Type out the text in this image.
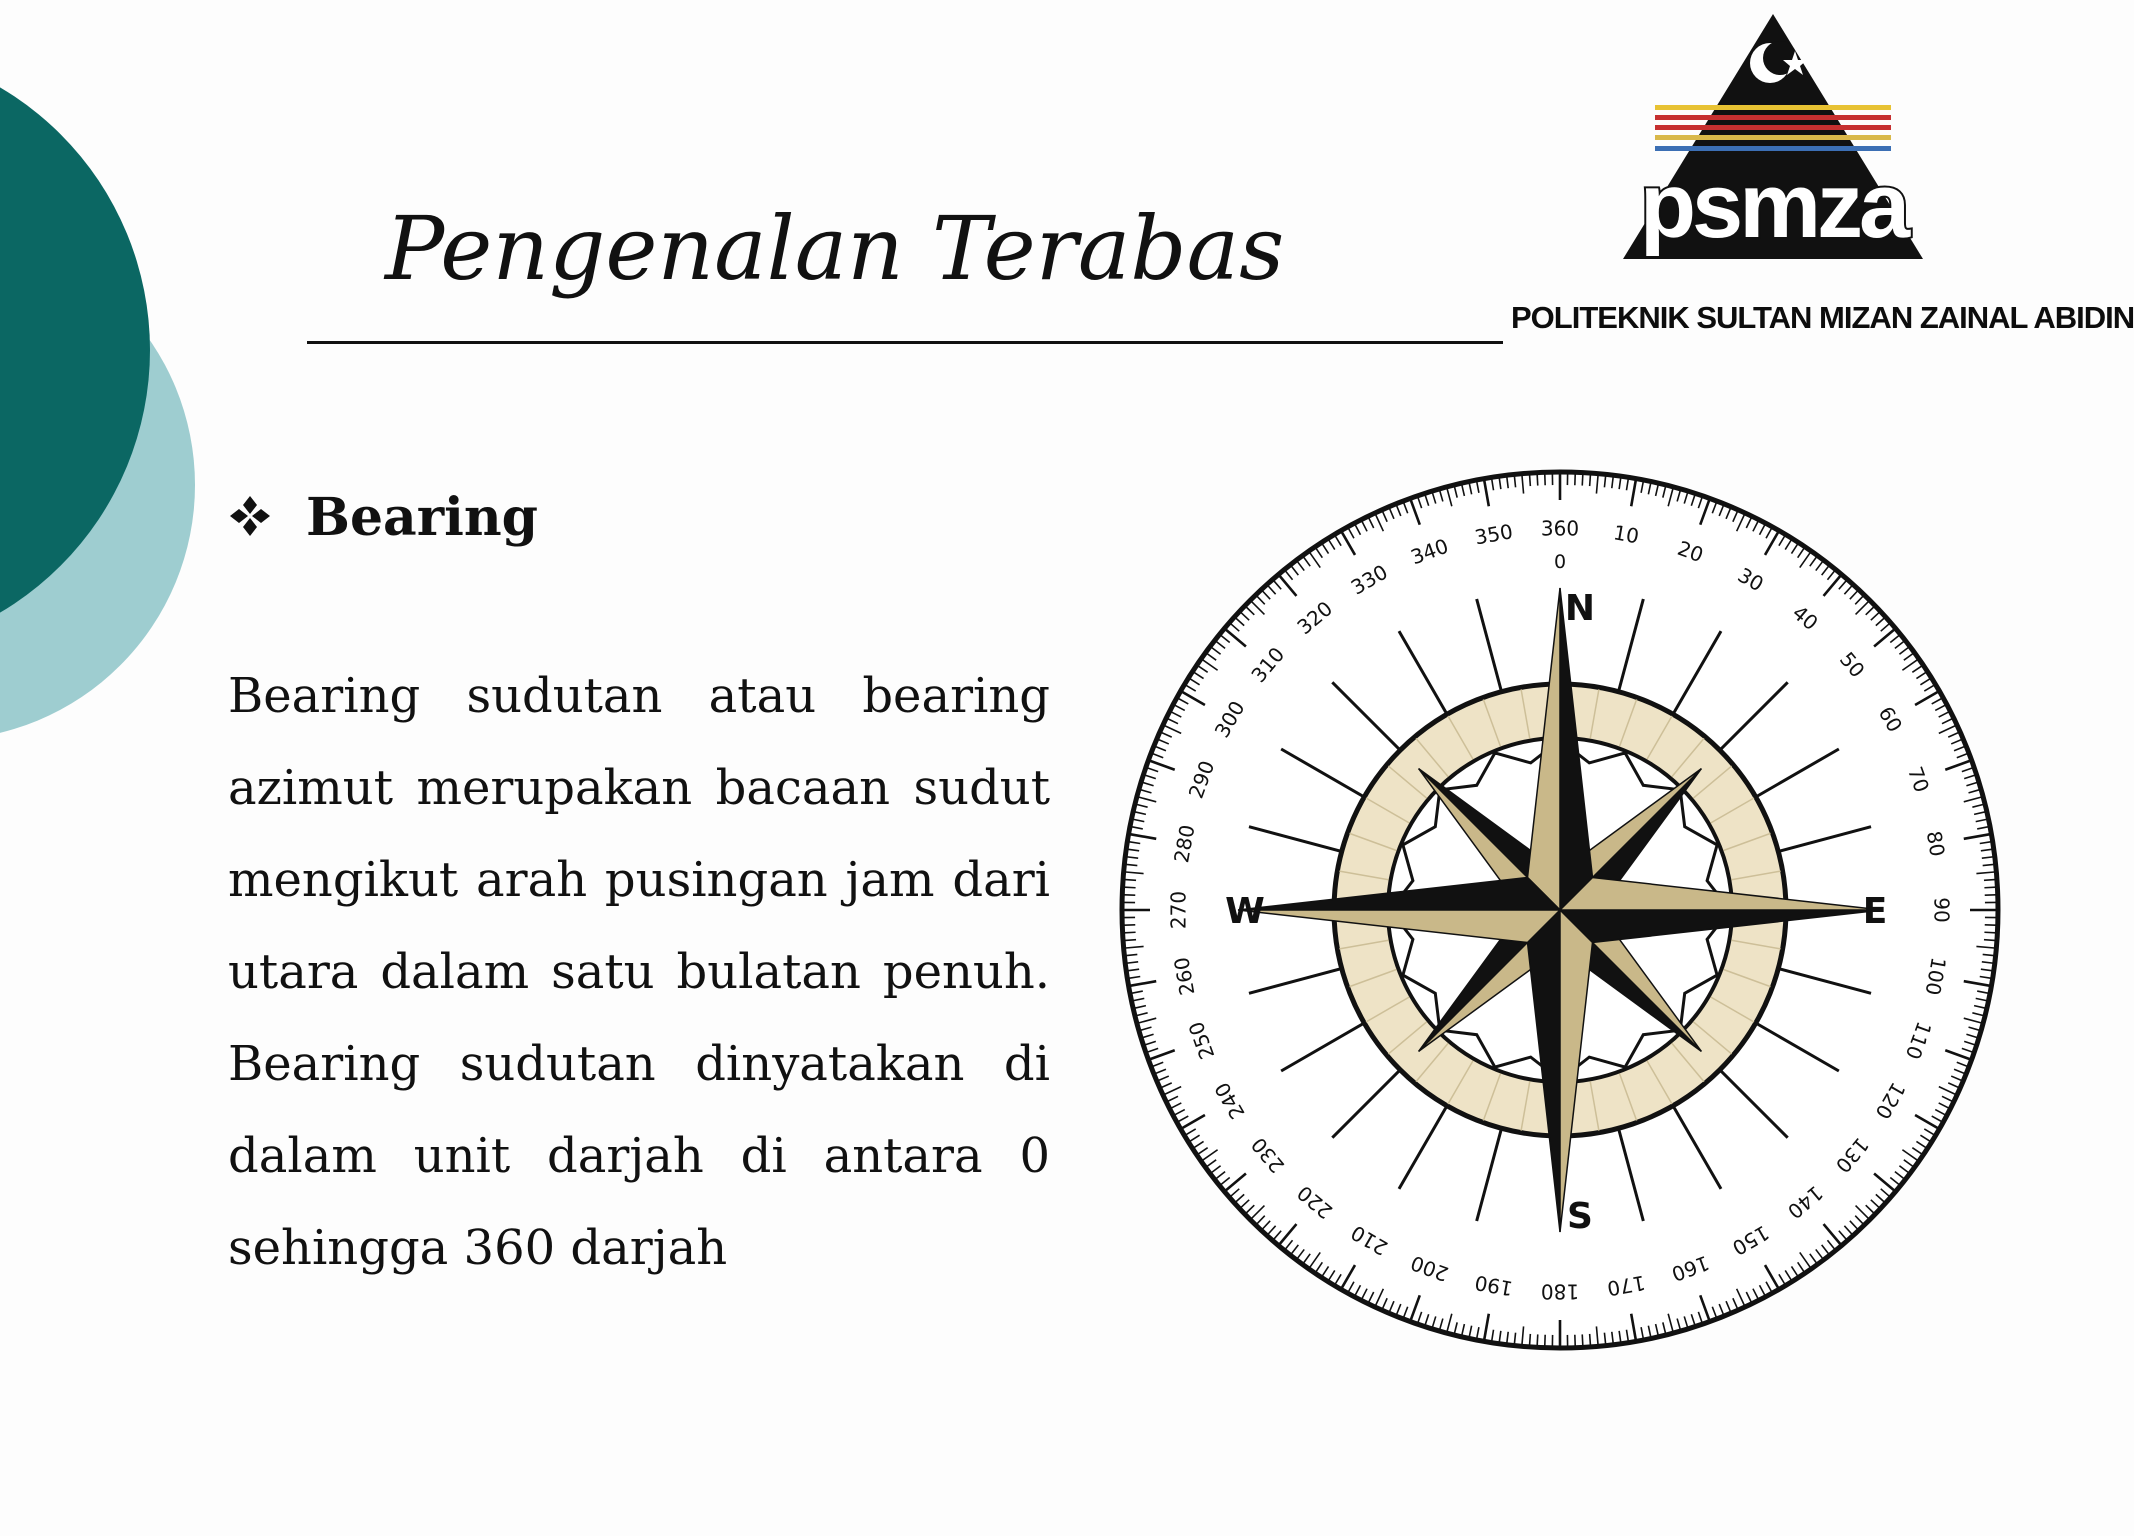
Pengenalan Terabas	psmza
POLITEKNIK SULTAN MIZAN ZAINAL ABIDIN
Bearing

Bearing sudutan atau bearing azimut merupakan bacaan sudut mengikut arah pusingan jam dari utara dalam satu bulatan penuh. Bearing sudutan dinyatakan di dalam unit darjah di antara 0 sehingga 360 darjah

360 10
20
30
40
50
60
70
80
90
100
110
120
130
140
150
160
170
180
190
200
210
220
230
240
250
260
270
280
290
300
310
320
330
340 350
0
N
S
E
W
